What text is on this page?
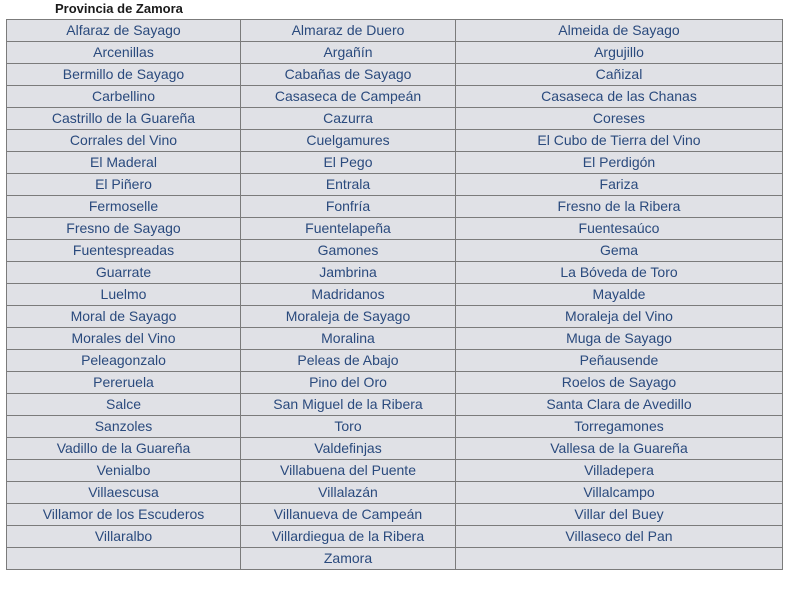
Provincia de Zamora
Alfaraz de Sayago	Almaraz de Duero	Almeida de Sayago
Arcenillas	Argañín	Argujillo
Bermillo de Sayago	Cabañas de Sayago	Cañizal
Carbellino	Casaseca de Campeán	Casaseca de las Chanas
Castrillo de la Guareña	Cazurra	Coreses
Corrales del Vino	Cuelgamures	El Cubo de Tierra del Vino
El Maderal	El Pego	El Perdigón
El Piñero	Entrala	Fariza
Fermoselle	Fonfría	Fresno de la Ribera
Fresno de Sayago	Fuentelapeña	Fuentesaúco
Fuentespreadas	Gamones	Gema
Guarrate	Jambrina	La Bóveda de Toro
Luelmo	Madridanos	Mayalde
Moral de Sayago	Moraleja de Sayago	Moraleja del Vino
Morales del Vino	Moralina	Muga de Sayago
Peleagonzalo	Peleas de Abajo	Peñausende
Pereruela	Pino del Oro	Roelos de Sayago
Salce	San Miguel de la Ribera	Santa Clara de Avedillo
Sanzoles	Toro	Torregamones
Vadillo de la Guareña	Valdefinjas	Vallesa de la Guareña
Venialbo	Villabuena del Puente	Villadepera
Villaescusa	Villalazán	Villalcampo
Villamor de los Escuderos	Villanueva de Campeán	Villar del Buey
Villaralbo	Villardiegua de la Ribera	Villaseco del Pan
	Zamora	
